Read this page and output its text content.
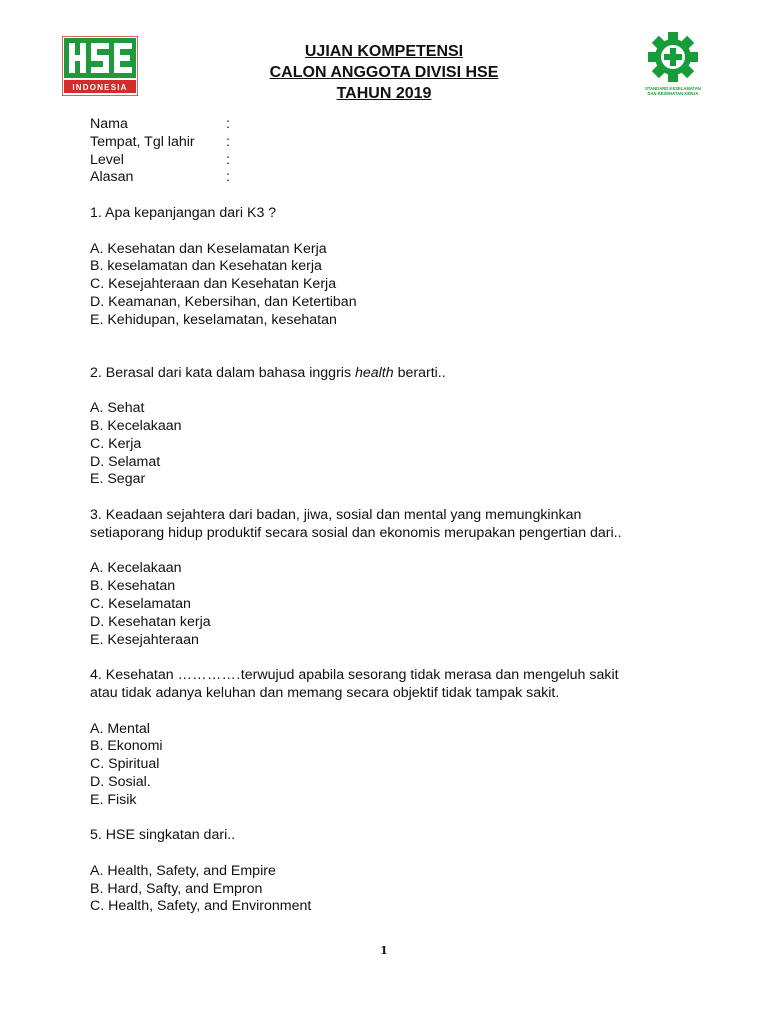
INDONESIA
UJIAN KOMPETENSI
CALON ANGGOTA DIVISI HSE
TAHUN 2019	STANDARD KESELAMATAN
DAN KESEHATAN KERJA
Nama	:
Tempat, Tgl lahir	:
Level	:
Alasan	:

1. Apa kepanjangan dari K3 ?

A. Kesehatan dan Keselamatan Kerja

B. keselamatan dan Kesehatan kerja

C. Kesejahteraan dan Kesehatan Kerja

D. Keamanan, Kebersihan, dan Ketertiban

E. Kehidupan, keselamatan, kesehatan

2. Berasal dari kata dalam bahasa inggris health berarti..

A. Sehat

B. Kecelakaan

C. Kerja

D. Selamat

E. Segar

3. Keadaan sejahtera dari badan, jiwa, sosial dan mental yang memungkinkan

setiaporang hidup produktif secara sosial dan ekonomis merupakan pengertian dari..

A. Kecelakaan

B. Kesehatan

C. Keselamatan

D. Kesehatan kerja

E. Kesejahteraan

4. Kesehatan ………….terwujud apabila sesorang tidak merasa dan mengeluh sakit

atau tidak adanya keluhan dan memang secara objektif tidak tampak sakit.

A. Mental

B. Ekonomi

C. Spiritual

D. Sosial.

E. Fisik

5. HSE singkatan dari..

A. Health, Safety, and Empire

B. Hard, Safty, and Empron

C. Health, Safety, and Environment

1
